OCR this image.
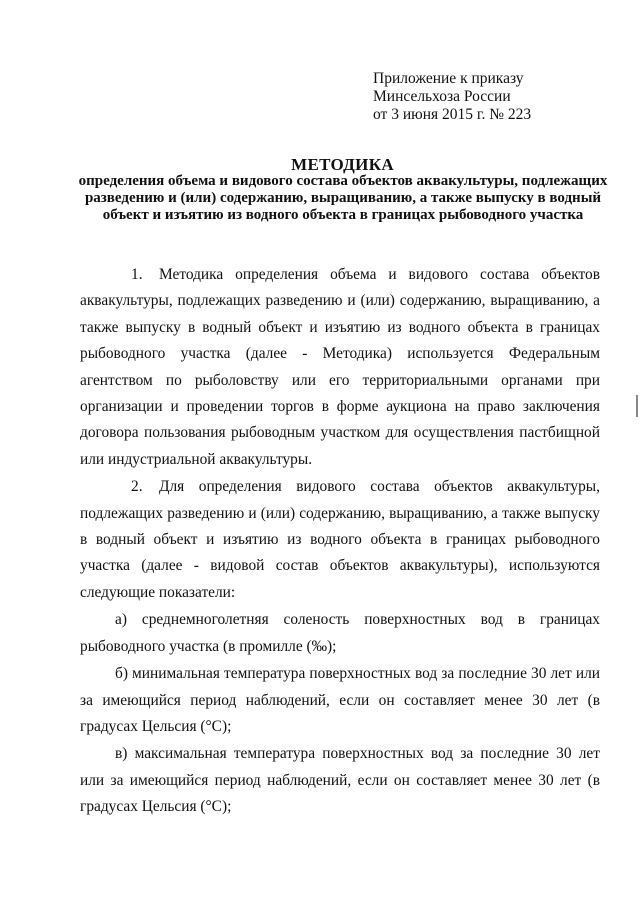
Приложение к приказу
Минсельхоза России
от 3 июня 2015 г. № 223
МЕТОДИКА
определения объема и видового состава объектов аквакультуры, подлежащих разведению и (или) содержанию, выращиванию, а также выпуску в водный объект и изъятию из водного объекта в границах рыбоводного участка

1. Методика определения объема и видового состава объектов аквакультуры, подлежащих разведению и (или) содержанию, выращиванию, а также выпуску в водный объект и изъятию из водного объекта в границах рыбоводного участка (далее - Методика) используется Федеральным агентством по рыболовству или его территориальными органами при организации и проведении торгов в форме аукциона на право заключения договора пользования рыбоводным участком для осуществления пастбищной или индустриальной аквакультуры.

2. Для определения видового состава объектов аквакультуры, подлежащих разведению и (или) содержанию, выращиванию, а также выпуску в водный объект и изъятию из водного объекта в границах рыбоводного участка (далее - видовой состав объектов аквакультуры), используются следующие показатели:

а) среднемноголетняя соленость поверхностных вод в границах рыбоводного участка (в промилле (‰);

б) минимальная температура поверхностных вод за последние 30 лет или за имеющийся период наблюдений, если он составляет менее 30 лет (в градусах Цельсия (°С);

в) максимальная температура поверхностных вод за последние 30 лет или за имеющийся период наблюдений, если он составляет менее 30 лет (в градусах Цельсия (°С);
